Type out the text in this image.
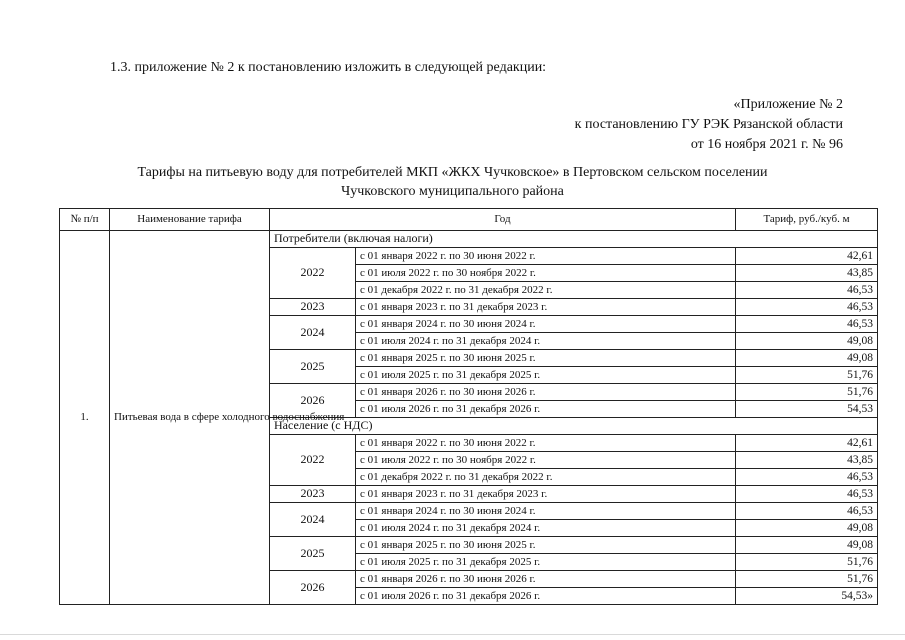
1.3. приложение № 2 к постановлению изложить в следующей редакции:
«Приложение № 2
к постановлению ГУ РЭК Рязанской области
от 16 ноября 2021 г. № 96
Тарифы на питьевую воду для потребителей МКП «ЖКХ Чучковское» в Пертовском сельском поселении
Чучковского муниципального района
№ п/п	Наименование тарифа	Год		Тариф, руб./куб. м
1.	Питьевая вода в сфере холодного водоснабжения	Потребители (включая налоги)		
		2022	с 01 января 2022 г. по 30 июня 2022 г.	42,61
			с 01 июля 2022 г. по 30 ноября 2022 г.	43,85
			с 01 декабря 2022 г. по 31 декабря 2022 г.	46,53
		2023	с 01 января 2023 г. по 31 декабря 2023 г.	46,53
		2024	с 01 января 2024 г. по 30 июня 2024 г.	46,53
			с 01 июля 2024 г. по 31 декабря 2024 г.	49,08
		2025	с 01 января 2025 г. по 30 июня 2025 г.	49,08
			с 01 июля 2025 г. по 31 декабря 2025 г.	51,76
		2026	с 01 января 2026 г. по 30 июня 2026 г.	51,76
			с 01 июля 2026 г. по 31 декабря 2026 г.	54,53
		Население (с НДС)		
		2022	с 01 января 2022 г. по 30 июня 2022 г.	42,61
			с 01 июля 2022 г. по 30 ноября 2022 г.	43,85
			с 01 декабря 2022 г. по 31 декабря 2022 г.	46,53
		2023	с 01 января 2023 г. по 31 декабря 2023 г.	46,53
		2024	с 01 января 2024 г. по 30 июня 2024 г.	46,53
			с 01 июля 2024 г. по 31 декабря 2024 г.	49,08
		2025	с 01 января 2025 г. по 30 июня 2025 г.	49,08
			с 01 июля 2025 г. по 31 декабря 2025 г.	51,76
		2026	с 01 января 2026 г. по 30 июня 2026 г.	51,76
			с 01 июля 2026 г. по 31 декабря 2026 г.	54,53»
